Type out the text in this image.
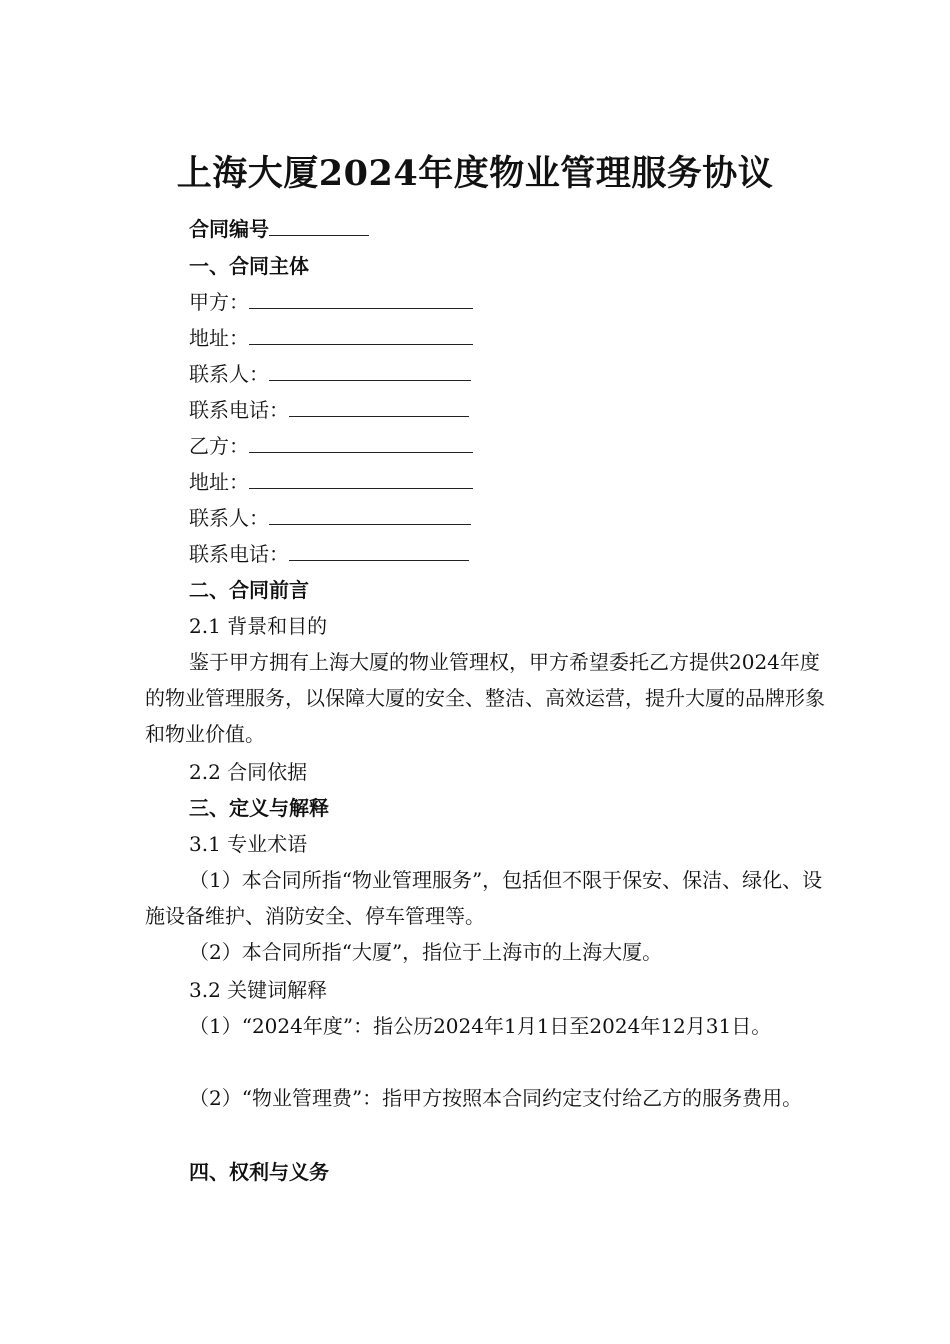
上海大厦2024年度物业管理服务协议
合同编号
一、合同主体
甲方：
地址：
联系人：
联系电话：
乙方：
地址：
联系人：
联系电话：
二、合同前言
2.1 背景和目的
鉴于甲方拥有上海大厦的物业管理权，甲方希望委托乙方提供2024年度的物业管理服务，以保障大厦的安全、整洁、高效运营，提升大厦的品牌形象和物业价值。
2.2 合同依据
三、定义与解释
3.1 专业术语
（1）本合同所指“物业管理服务”，包括但不限于保安、保洁、绿化、设施设备维护、消防安全、停车管理等。
（2）本合同所指“大厦”，指位于上海市的上海大厦。
3.2 关键词解释
（1）“2024年度”：指公历2024年1月1日至2024年12月31日。
（2）“物业管理费”：指甲方按照本合同约定支付给乙方的服务费用。
四、权利与义务
